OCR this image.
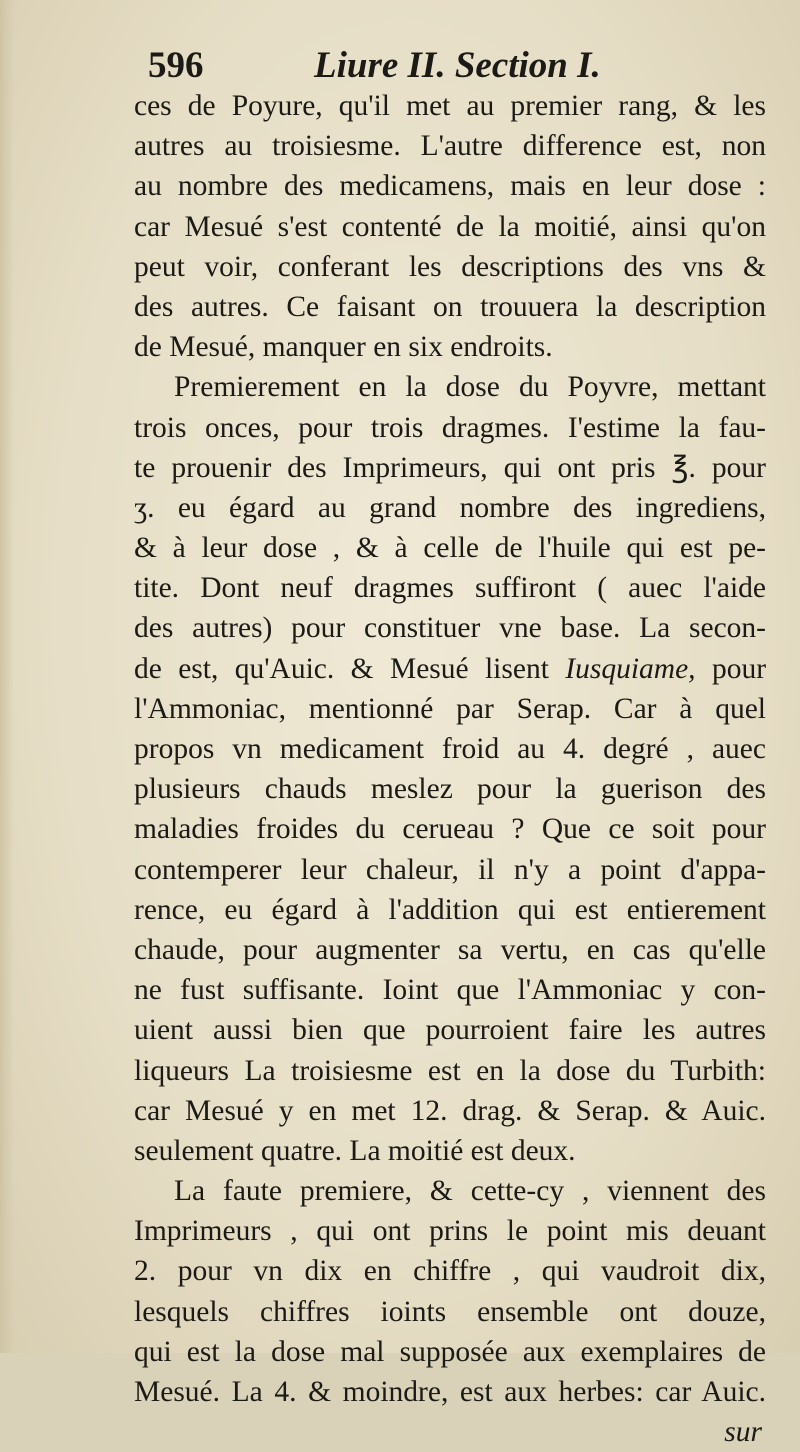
596	Liure II. Section I.
ces de Poyure, qu'il met au premier rang, & les
autres au troisiesme. L'autre difference est, non
au nombre des medicamens, mais en leur dose :
car Mesué s'est contenté de la moitié, ainsi qu'on
peut voir, conferant les descriptions des vns &
des autres. Ce faisant on trouuera la description
de Mesué, manquer en six endroits.
Premierement en la dose du Poyvre, mettant
trois onces, pour trois dragmes. I'estime la fau-
te prouenir des Imprimeurs, qui ont pris ℥. pour
ʒ. eu égard au grand nombre des ingrediens,
& à leur dose , & à celle de l'huile qui est pe-
tite. Dont neuf dragmes suffiront ( auec l'aide
des autres) pour constituer vne base. La secon-
de est, qu'Auic. & Mesué lisent Iusquiame, pour
l'Ammoniac, mentionné par Serap. Car à quel
propos vn medicament froid au 4. degré , auec
plusieurs chauds meslez pour la guerison des
maladies froides du cerueau ? Que ce soit pour
contemperer leur chaleur, il n'y a point d'appa-
rence, eu égard à l'addition qui est entierement
chaude, pour augmenter sa vertu, en cas qu'elle
ne fust suffisante. Ioint que l'Ammoniac y con-
uient aussi bien que pourroient faire les autres
liqueurs La troisiesme est en la dose du Turbith:
car Mesué y en met 12. drag. & Serap. & Auic.
seulement quatre. La moitié est deux.
La faute premiere, & cette-cy , viennent des
Imprimeurs , qui ont prins le point mis deuant
2. pour vn dix en chiffre , qui vaudroit dix,
lesquels chiffres ioints ensemble ont douze,
qui est la dose mal supposée aux exemplaires de
Mesué. La 4. & moindre, est aux herbes: car Auic.
sur
